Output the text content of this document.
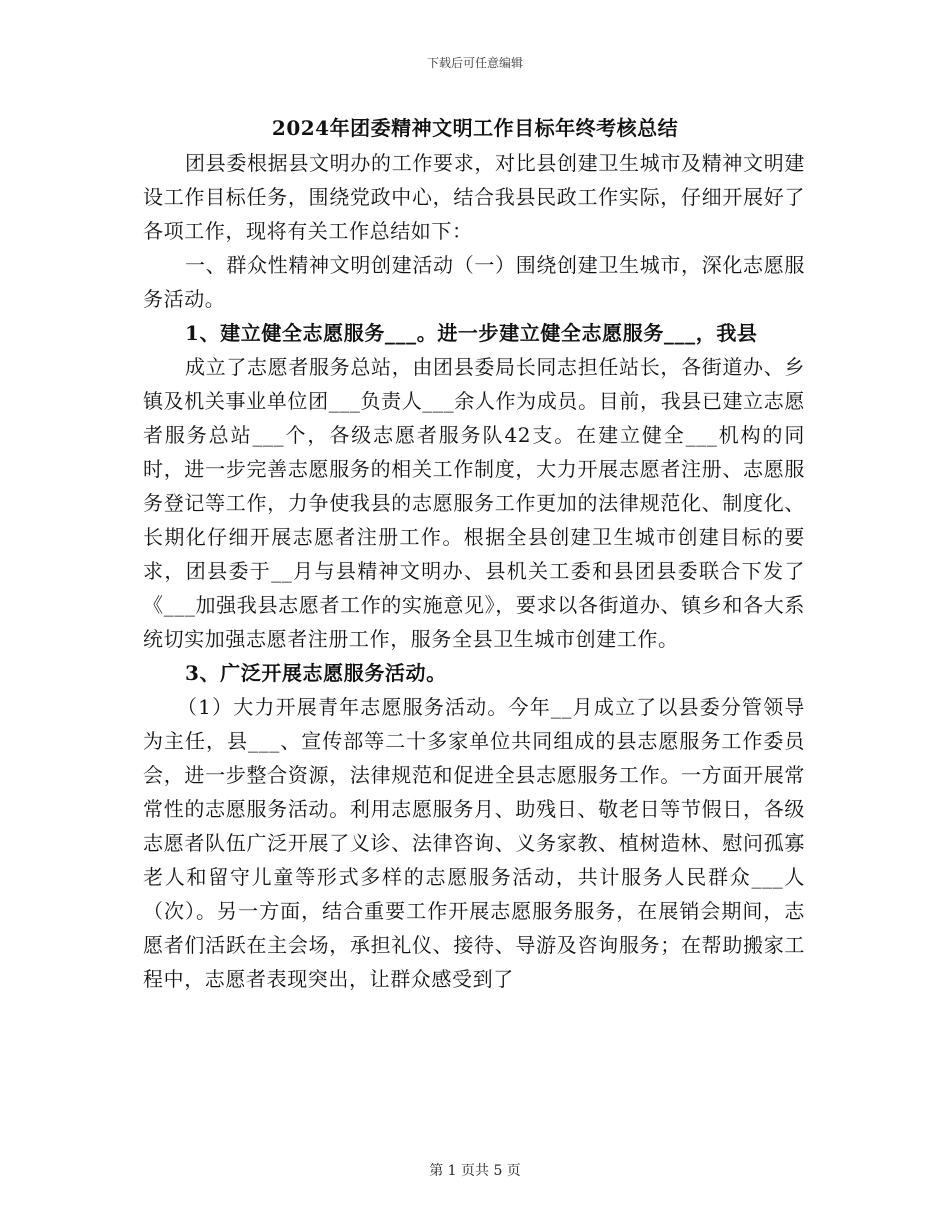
下载后可任意编辑
2024年团委精神文明工作目标年终考核总结

团县委根据县文明办的工作要求，对比县创建卫生城市及精神文明建设工作目标任务，围绕党政中心，结合我县民政工作实际，仔细开展好了各项工作，现将有关工作总结如下：

一、群众性精神文明创建活动（一）围绕创建卫生城市，深化志愿服务活动。

1、建立健全志愿服务___。进一步建立健全志愿服务___，我县

成立了志愿者服务总站，由团县委局长同志担任站长，各街道办、乡镇及机关事业单位团___负责人___余人作为成员。目前，我县已建立志愿者服务总站___个，各级志愿者服务队42支。在建立健全___机构的同时，进一步完善志愿服务的相关工作制度，大力开展志愿者注册、志愿服务登记等工作，力争使我县的志愿服务工作更加的法律规范化、制度化、长期化仔细开展志愿者注册工作。根据全县创建卫生城市创建目标的要求，团县委于__月与县精神文明办、县机关工委和县团县委联合下发了《___加强我县志愿者工作的实施意见》，要求以各街道办、镇乡和各大系统切实加强志愿者注册工作，服务全县卫生城市创建工作。

3、广泛开展志愿服务活动。

（1）大力开展青年志愿服务活动。今年__月成立了以县委分管领导为主任，县___、宣传部等二十多家单位共同组成的县志愿服务工作委员会，进一步整合资源，法律规范和促进全县志愿服务工作。一方面开展常常性的志愿服务活动。利用志愿服务月、助残日、敬老日等节假日，各级志愿者队伍广泛开展了义诊、法律咨询、义务家教、植树造林、慰问孤寡老人和留守儿童等形式多样的志愿服务活动，共计服务人民群众___人（次）。另一方面，结合重要工作开展志愿服务服务，在展销会期间，志愿者们活跃在主会场，承担礼仪、接待、导游及咨询服务；在帮助搬家工程中，志愿者表现突出，让群众感受到了

第 1 页共 5 页
